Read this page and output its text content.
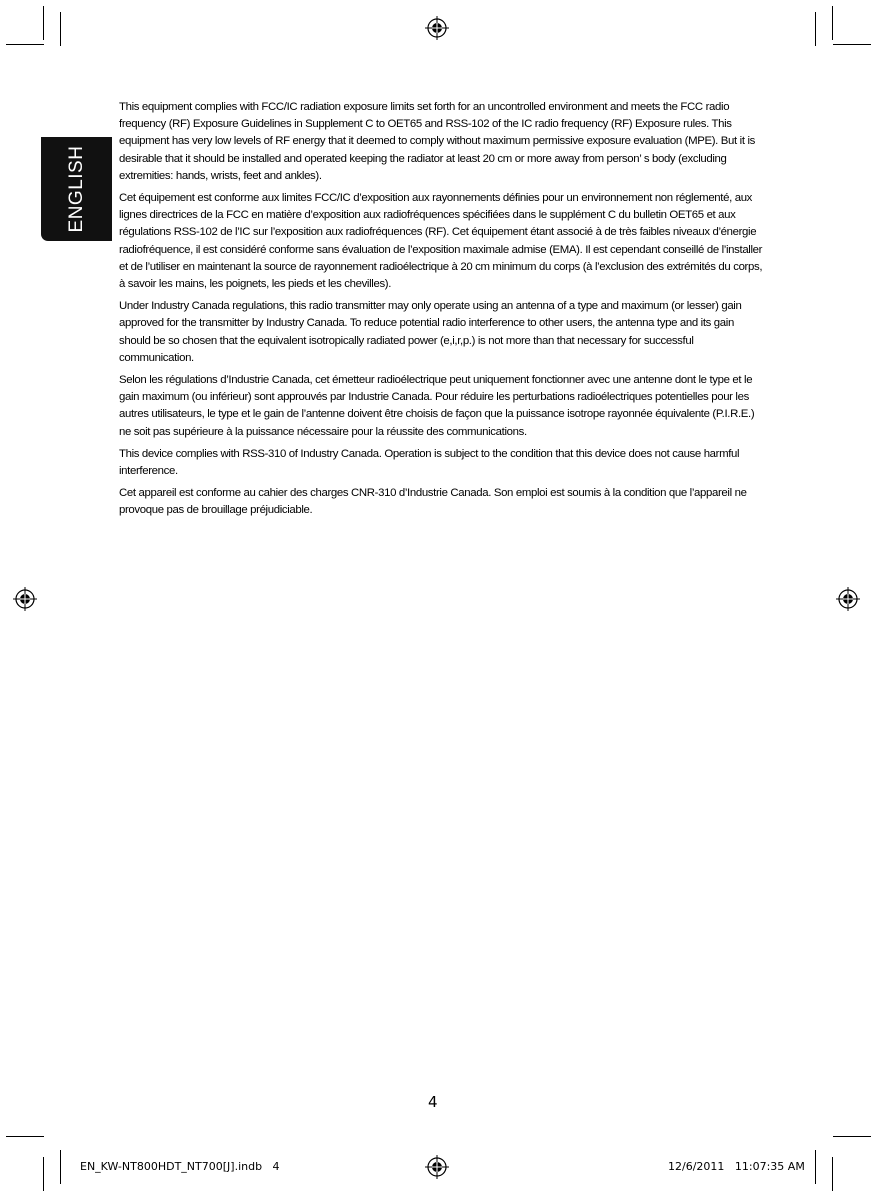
ENGLISH

This equipment complies with FCC/IC radiation exposure limits set forth for an uncontrolled environment and meets the FCC radio frequency (RF) Exposure Guidelines in Supplement C to OET65 and RSS-102 of the IC radio frequency (RF) Exposure rules. This equipment has very low levels of RF energy that it deemed to comply without maximum permissive exposure evaluation (MPE). But it is desirable that it should be installed and operated keeping the radiator at least 20 cm or more away from person’ s body (excluding extremities: hands, wrists, feet and ankles).

Cet équipement est conforme aux limites FCC/IC d’exposition aux rayonnements définies pour un environnement non réglementé, aux lignes directrices de la FCC en matière d’exposition aux radiofréquences spécifiées dans le supplément C du bulletin OET65 et aux régulations RSS-102 de l’IC sur l’exposition aux radiofréquences (RF). Cet équipement étant associé à de très faibles niveaux d’énergie radiofréquence, il est considéré conforme sans évaluation de l’exposition maximale admise (EMA). Il est cependant conseillé de l’installer et de l’utiliser en maintenant la source de rayonnement radioélectrique à 20 cm minimum du corps (à l’exclusion des extrémités du corps, à savoir les mains, les poignets, les pieds et les chevilles).

Under Industry Canada regulations, this radio transmitter may only operate using an antenna of a type and maximum (or lesser) gain approved for the transmitter by Industry Canada. To reduce potential radio interference to other users, the antenna type and its gain should be so chosen that the equivalent isotropically radiated power (e,i,r,p.) is not more than that necessary for successful communication.

Selon les régulations d’Industrie Canada, cet émetteur radioélectrique peut uniquement fonctionner avec une antenne dont le type et le gain maximum (ou inférieur) sont approuvés par Industrie Canada. Pour réduire les perturbations radioélectriques potentielles pour les autres utilisateurs, le type et le gain de l’antenne doivent être choisis de façon que la puissance isotrope rayonnée équivalente (P.I.R.E.) ne soit pas supérieure à la puissance nécessaire pour la réussite des communications.

This device complies with RSS-310 of Industry Canada. Operation is subject to the condition that this device does not cause harmful interference.

Cet appareil est conforme au cahier des charges CNR-310 d’Industrie Canada. Son emploi est soumis à la condition que l’appareil ne provoque pas de brouillage préjudiciable.

4
EN_KW-NT800HDT_NT700[J].indb   4	12/6/2011   11:07:35 AM
